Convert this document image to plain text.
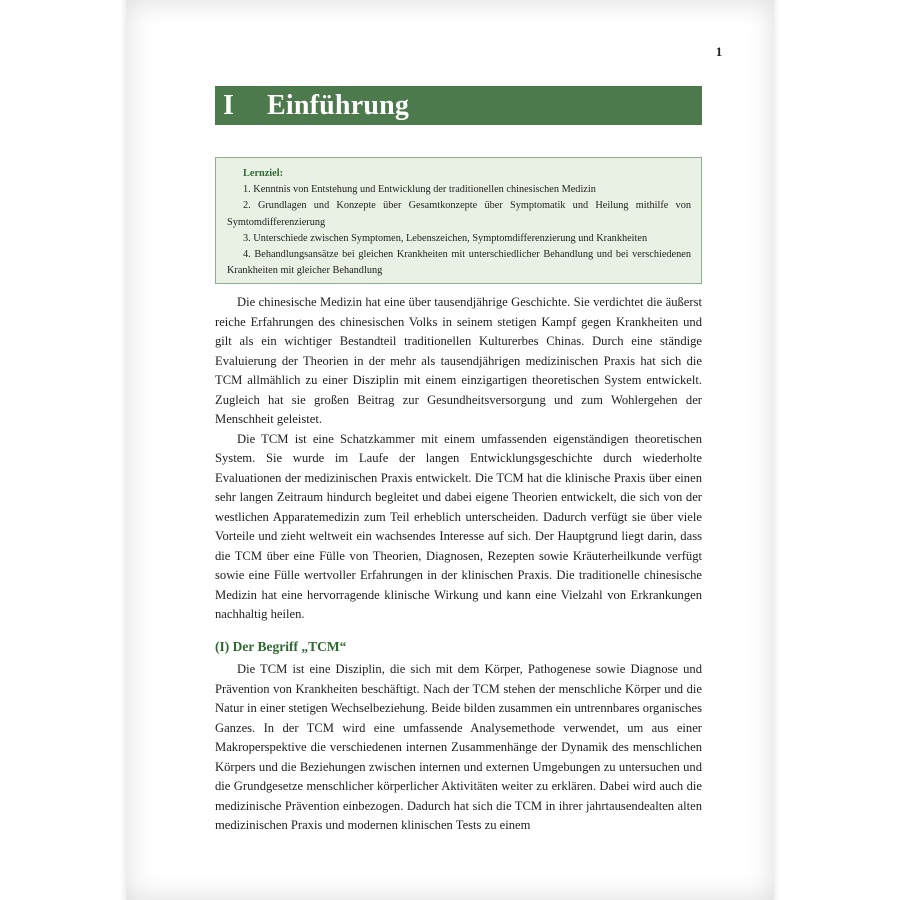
1
I Einführung
Lernziel:
1. Kenntnis von Entstehung und Entwicklung der traditionellen chinesischen Medizin
2. Grundlagen und Konzepte über Gesamtkonzepte über Symptomatik und Heilung mithilfe von Symtomdifferenzierung
3. Unterschiede zwischen Symptomen, Lebenszeichen, Symptomdifferenzierung und Krankheiten
4. Behandlungsansätze bei gleichen Krankheiten mit unterschiedlicher Behandlung und bei verschiedenen Krankheiten mit gleicher Behandlung

Die chinesische Medizin hat eine über tausendjährige Geschichte. Sie verdichtet die äußerst reiche Erfahrungen des chinesischen Volks in seinem stetigen Kampf gegen Krankheiten und gilt als ein wichtiger Bestandteil traditionellen Kulturerbes Chinas. Durch eine ständige Evaluierung der Theorien in der mehr als tausendjährigen medizinischen Praxis hat sich die TCM allmählich zu einer Disziplin mit einem einzigartigen theoretischen System entwickelt. Zugleich hat sie großen Beitrag zur Gesundheitsversorgung und zum Wohlergehen der Menschheit geleistet.

Die TCM ist eine Schatzkammer mit einem umfassenden eigenständigen theoretischen System. Sie wurde im Laufe der langen Entwicklungsgeschichte durch wiederholte Evaluationen der medizinischen Praxis entwickelt. Die TCM hat die klinische Praxis über einen sehr langen Zeitraum hindurch begleitet und dabei eigene Theorien entwickelt, die sich von der westlichen Apparatemedizin zum Teil erheblich unterscheiden. Dadurch verfügt sie über viele Vorteile und zieht weltweit ein wachsendes Interesse auf sich. Der Hauptgrund liegt darin, dass die TCM über eine Fülle von Theorien, Diagnosen, Rezepten sowie Kräuterheilkunde verfügt sowie eine Fülle wertvoller Erfahrungen in der klinischen Praxis. Die traditionelle chinesische Medizin hat eine hervorragende klinische Wirkung und kann eine Vielzahl von Erkrankungen nachhaltig heilen.

(I) Der Begriff „TCM“

Die TCM ist eine Disziplin, die sich mit dem Körper, Pathogenese sowie Diagnose und Prävention von Krankheiten beschäftigt. Nach der TCM stehen der menschliche Körper und die Natur in einer stetigen Wechselbeziehung. Beide bilden zusammen ein untrennbares organisches Ganzes. In der TCM wird eine umfassende Analysemethode verwendet, um aus einer Makroperspektive die verschiedenen internen Zusammenhänge der Dynamik des menschlichen Körpers und die Beziehungen zwischen internen und externen Umgebungen zu untersuchen und die Grundgesetze menschlicher körperlicher Aktivitäten weiter zu erklären. Dabei wird auch die medizinische Prävention einbezogen. Dadurch hat sich die TCM in ihrer jahrtausendealten alten medizinischen Praxis und modernen klinischen Tests zu einem
